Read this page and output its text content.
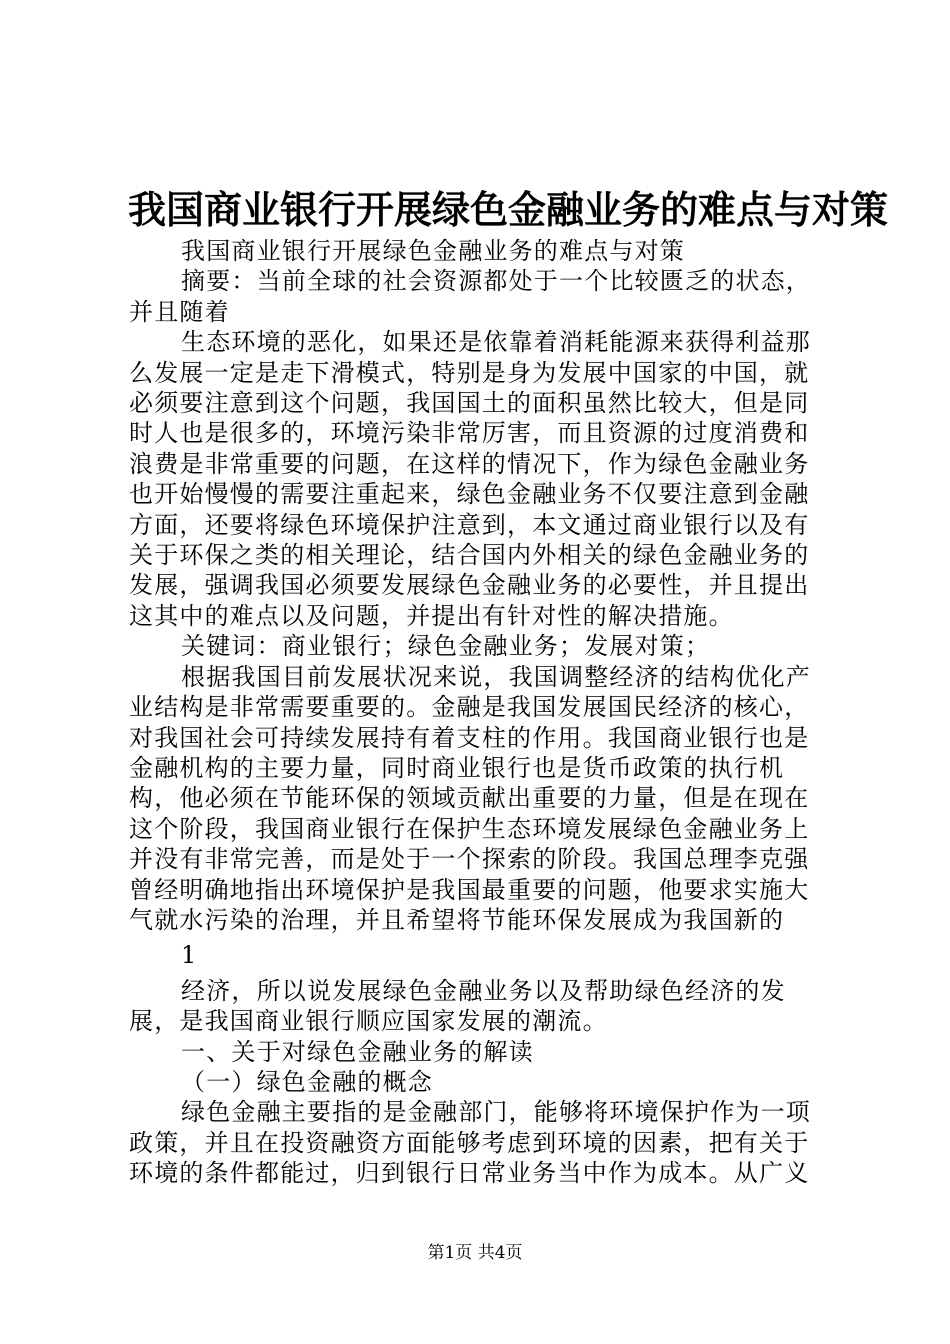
我国商业银行开展绿色金融业务的难点与对策

我国商业银行开展绿色金融业务的难点与对策

摘要：当前全球的社会资源都处于一个比较匮乏的状态，并且随着

生态环境的恶化，如果还是依靠着消耗能源来获得利益那么发展一定是走下滑模式，特别是身为发展中国家的中国，就必须要注意到这个问题，我国国土的面积虽然比较大，但是同时人也是很多的，环境污染非常厉害，而且资源的过度消费和浪费是非常重要的问题，在这样的情况下，作为绿色金融业务也开始慢慢的需要注重起来，绿色金融业务不仅要注意到金融方面，还要将绿色环境保护注意到，本文通过商业银行以及有关于环保之类的相关理论，结合国内外相关的绿色金融业务的发展，强调我国必须要发展绿色金融业务的必要性，并且提出这其中的难点以及问题，并提出有针对性的解决措施。

关键词：商业银行；绿色金融业务；发展对策；

根据我国目前发展状况来说，我国调整经济的结构优化产业结构是非常需要重要的。金融是我国发展国民经济的核心，对我国社会可持续发展持有着支柱的作用。我国商业银行也是金融机构的主要力量，同时商业银行也是货币政策的执行机构，他必须在节能环保的领域贡献出重要的力量，但是在现在这个阶段，我国商业银行在保护生态环境发展绿色金融业务上并没有非常完善，而是处于一个探索的阶段。我国总理李克强曾经明确地指出环境保护是我国最重要的问题，他要求实施大气就水污染的治理，并且希望将节能环保发展成为我国新的

1

经济，所以说发展绿色金融业务以及帮助绿色经济的发展，是我国商业银行顺应国家发展的潮流。

一、关于对绿色金融业务的解读

（一）绿色金融的概念

绿色金融主要指的是金融部门，能够将环境保护作为一项政策，并且在投资融资方面能够考虑到环境的因素，把有关于环境的条件都能过，归到银行日常业务当中作为成本。从广义

第1页 共4页
